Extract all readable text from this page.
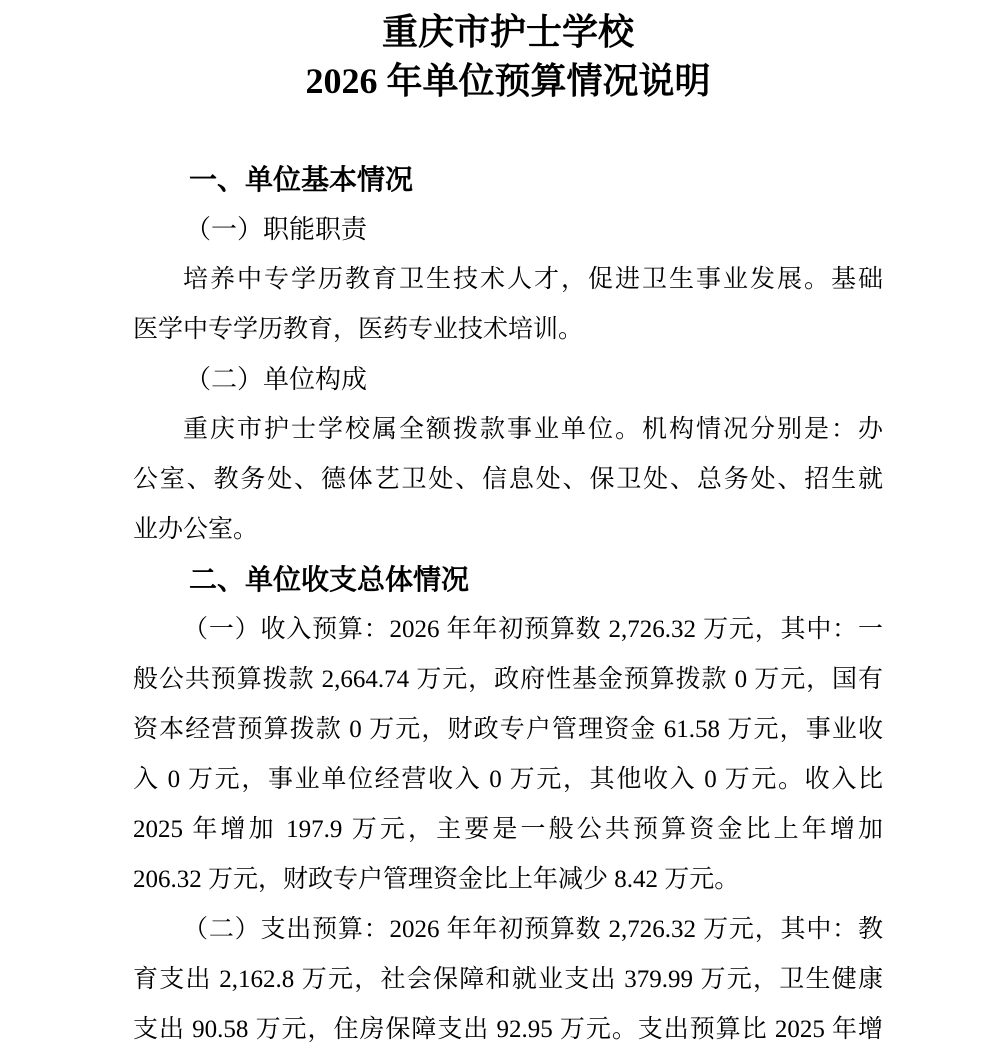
重庆市护士学校
2026 年单位预算情况说明
一、单位基本情况
（一）职能职责
培养中专学历教育卫生技术人才，促进卫生事业发展。基础
医学中专学历教育，医药专业技术培训。
（二）单位构成
重庆市护士学校属全额拨款事业单位。机构情况分别是：办
公室、教务处、德体艺卫处、信息处、保卫处、总务处、招生就
业办公室。
二、单位收支总体情况
（一）收入预算：2026 年年初预算数 2,726.32 万元，其中：一
般公共预算拨款 2,664.74 万元，政府性基金预算拨款 0 万元，国有
资本经营预算拨款 0 万元，财政专户管理资金 61.58 万元，事业收
入 0 万元，事业单位经营收入 0 万元，其他收入 0 万元。收入比
2025 年增加 197.9 万元，主要是一般公共预算资金比上年增加
206.32 万元，财政专户管理资金比上年减少 8.42 万元。
（二）支出预算：2026 年年初预算数 2,726.32 万元，其中：教
育支出 2,162.8 万元，社会保障和就业支出 379.99 万元，卫生健康
支出 90.58 万元，住房保障支出 92.95 万元。支出预算比 2025 年增
